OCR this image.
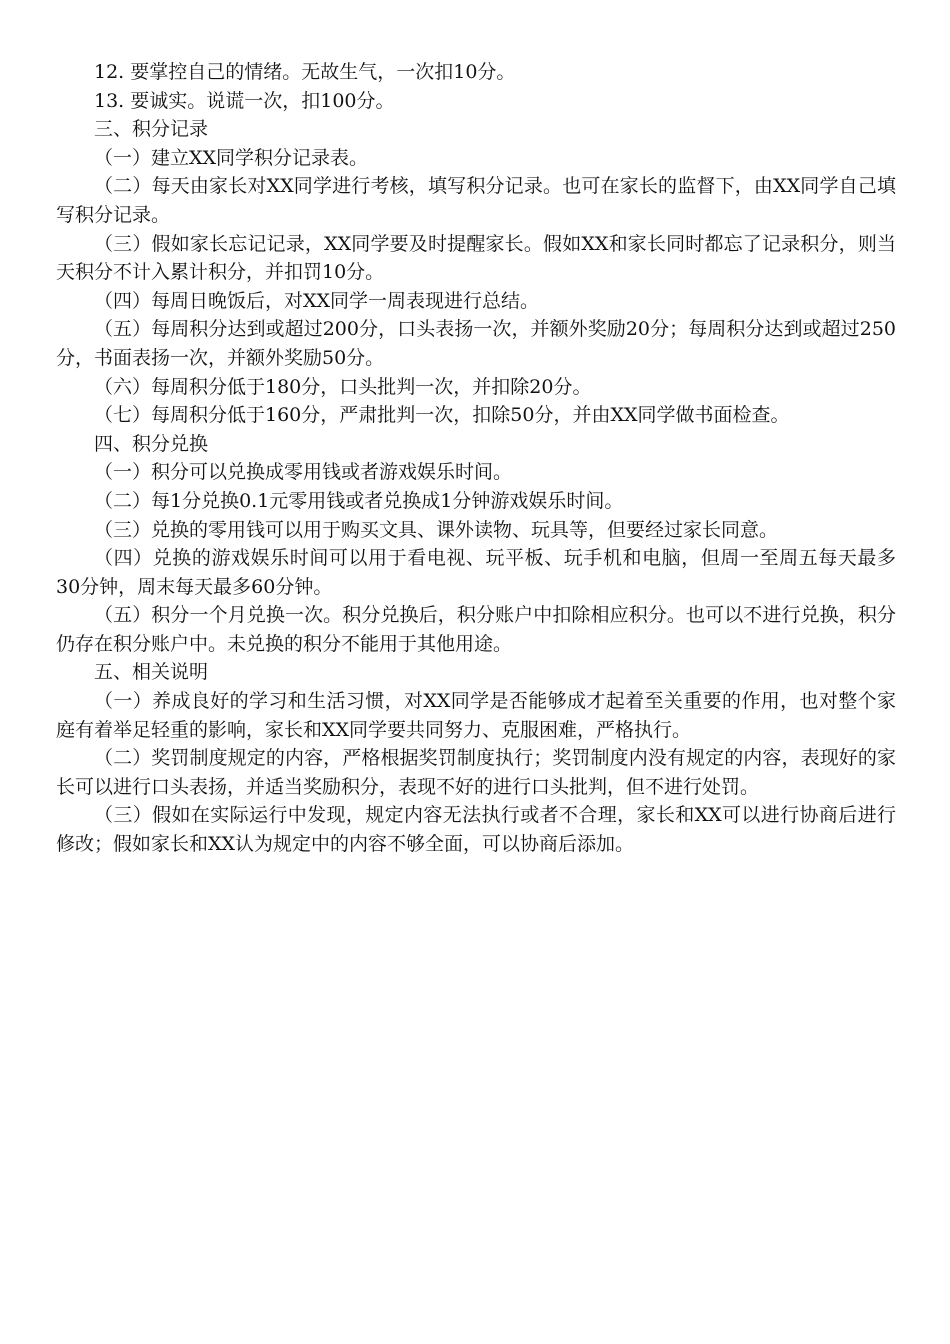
12. 要掌控自己的情绪。无故生气，一次扣10分。

13. 要诚实。说谎一次，扣100分。

三、积分记录

（一）建立XX同学积分记录表。

（二）每天由家长对XX同学进行考核，填写积分记录。也可在家长的监督下，由XX同学自己填写积分记录。

（三）假如家长忘记记录，XX同学要及时提醒家长。假如XX和家长同时都忘了记录积分，则当天积分不计入累计积分，并扣罚10分。

（四）每周日晚饭后，对XX同学一周表现进行总结。

（五）每周积分达到或超过200分，口头表扬一次，并额外奖励20分；每周积分达到或超过250分，书面表扬一次，并额外奖励50分。

（六）每周积分低于180分，口头批判一次，并扣除20分。

（七）每周积分低于160分，严肃批判一次，扣除50分，并由XX同学做书面检查。

四、积分兑换

（一）积分可以兑换成零用钱或者游戏娱乐时间。

（二）每1分兑换0.1元零用钱或者兑换成1分钟游戏娱乐时间。

（三）兑换的零用钱可以用于购买文具、课外读物、玩具等，但要经过家长同意。

（四）兑换的游戏娱乐时间可以用于看电视、玩平板、玩手机和电脑，但周一至周五每天最多30分钟，周末每天最多60分钟。

（五）积分一个月兑换一次。积分兑换后，积分账户中扣除相应积分。也可以不进行兑换，积分仍存在积分账户中。未兑换的积分不能用于其他用途。

五、相关说明

（一）养成良好的学习和生活习惯，对XX同学是否能够成才起着至关重要的作用，也对整个家庭有着举足轻重的影响，家长和XX同学要共同努力、克服困难，严格执行。

（二）奖罚制度规定的内容，严格根据奖罚制度执行；奖罚制度内没有规定的内容，表现好的家长可以进行口头表扬，并适当奖励积分，表现不好的进行口头批判，但不进行处罚。

（三）假如在实际运行中发现，规定内容无法执行或者不合理，家长和XX可以进行协商后进行修改；假如家长和XX认为规定中的内容不够全面，可以协商后添加。
